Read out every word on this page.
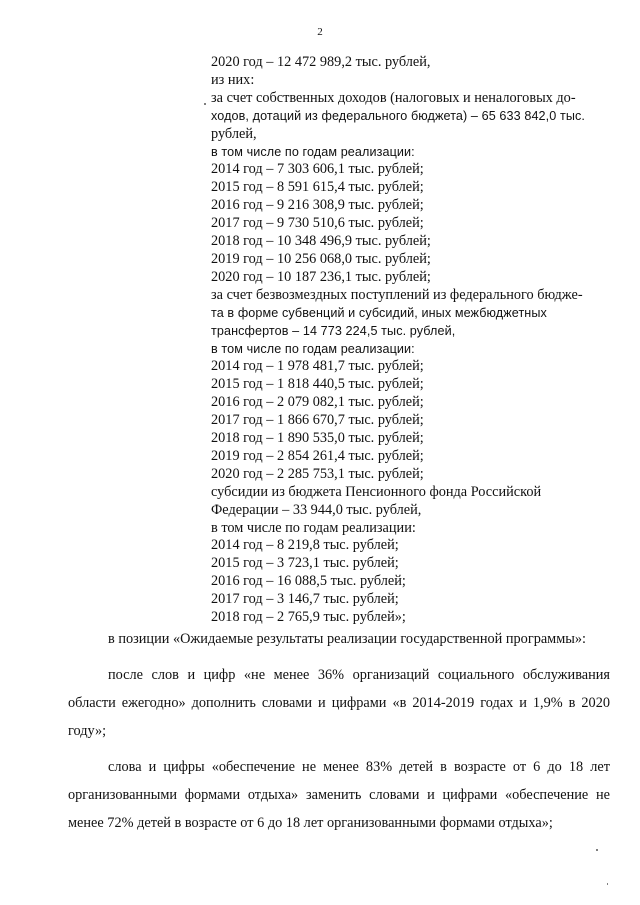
2
2020 год – 12 472 989,2 тыс. рублей,
из них:
за счет собственных доходов (налоговых и неналоговых до-
ходов, дотаций из федерального бюджета) – 65 633 842,0 тыс.
рублей,
в том числе по годам реализации:
2014 год – 7 303 606,1 тыс. рублей;
2015 год – 8 591 615,4 тыс. рублей;
2016 год – 9 216 308,9 тыс. рублей;
2017 год – 9 730 510,6 тыс. рублей;
2018 год – 10 348 496,9 тыс. рублей;
2019 год – 10 256 068,0 тыс. рублей;
2020 год – 10 187 236,1 тыс. рублей;
за счет безвозмездных поступлений из федерального бюдже-
та в форме субвенций и субсидий, иных межбюджетных
трансфертов – 14 773 224,5 тыс. рублей,
в том числе по годам реализации:
2014 год – 1 978 481,7 тыс. рублей;
2015 год – 1 818 440,5 тыс. рублей;
2016 год – 2 079 082,1 тыс. рублей;
2017 год – 1 866 670,7 тыс. рублей;
2018 год – 1 890 535,0 тыс. рублей;
2019 год – 2 854 261,4 тыс. рублей;
2020 год – 2 285 753,1 тыс. рублей;
субсидии из бюджета Пенсионного фонда Российской
Федерации – 33 944,0 тыс. рублей,
в том числе по годам реализации:
2014 год – 8 219,8 тыс. рублей;
2015 год – 3 723,1 тыс. рублей;
2016 год – 16 088,5 тыс. рублей;
2017 год – 3 146,7 тыс. рублей;
2018 год – 2 765,9 тыс. рублей»;

в позиции «Ожидаемые результаты реализации государственной программы»:

после слов и цифр «не менее 36% организаций социального обслуживания области ежегодно» дополнить словами и цифрами «в 2014-2019 годах и 1,9% в 2020 году»;

слова и цифры «обеспечение не менее 83% детей в возрасте от 6 до 18 лет организованными формами отдыха» заменить словами и цифрами «обеспечение не менее 72% детей в возрасте от 6 до 18 лет организованными формами отдыха»;
